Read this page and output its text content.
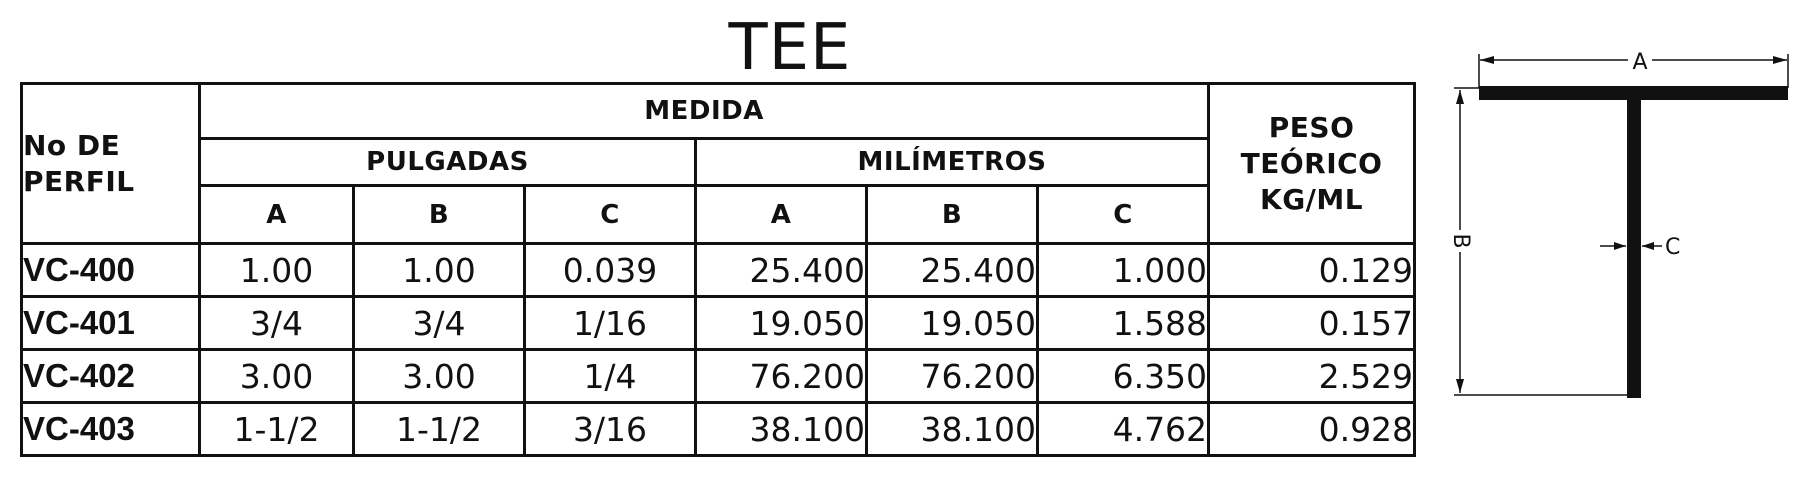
TEE
No DE
PERFIL	MEDIDA						PESO
TEÓRICO
KG/ML
	PULGADAS			MILÍMETROS			
	A	B	C	A	B	C	
VC-400	1.00	1.00	0.039	25.400	25.400	1.000	0.129
VC-401	3/4	3/4	1/16	19.050	19.050	1.588	0.157
VC-402	3.00	3.00	1/4	76.200	76.200	6.350	2.529
VC-403	1-1/2	1-1/2	3/16	38.100	38.100	4.762	0.928
A
B	C
